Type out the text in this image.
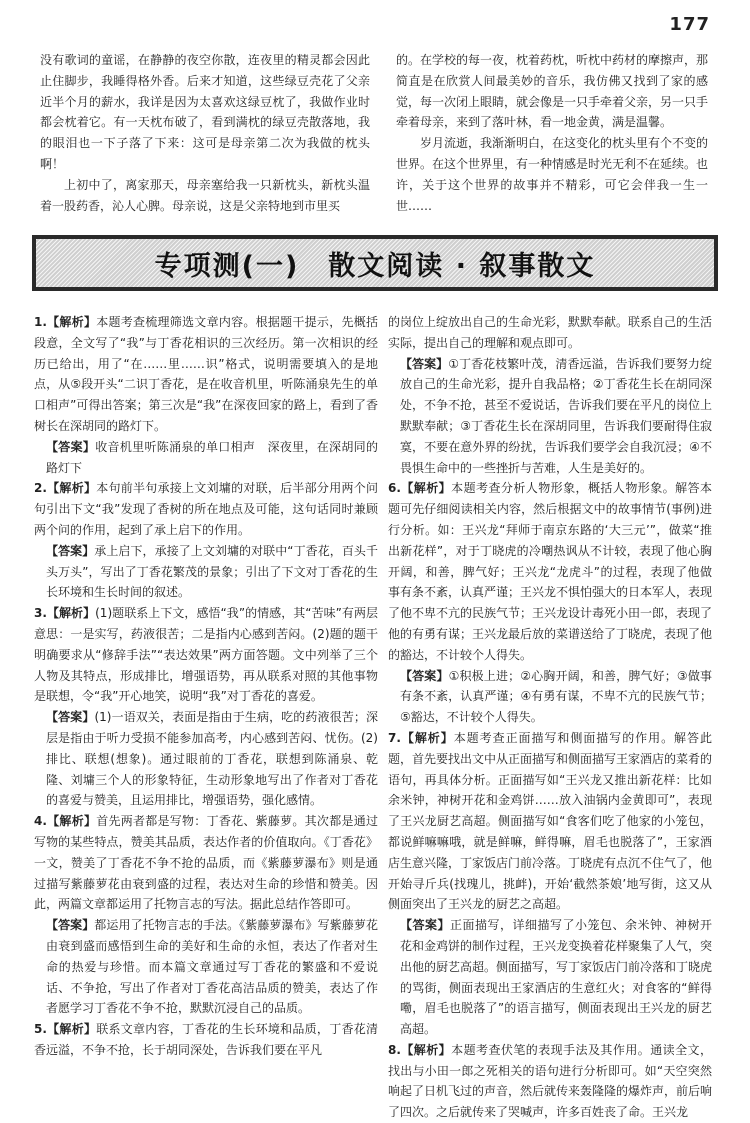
177

没有歌词的童谣，在静静的夜空你散，连夜里的精灵都会因此止住脚步，我睡得格外香。后来才知道，这些绿豆壳花了父亲近半个月的薪水，我详是因为太喜欢这绿豆枕了，我做作业时都会枕着它。有一天枕布破了，看到满枕的绿豆壳散落地，我的眼泪也一下子落了下来：这可是母亲第二次为我做的枕头啊！

上初中了，离家那天，母亲塞给我一只新枕头，新枕头温着一股药香，沁人心脾。母亲说，这是父亲特地到市里买

的。在学校的每一夜，枕着药枕，听枕中药材的摩擦声，那简直是在欣赏人间最美妙的音乐，我仿佛又找到了家的感觉，每一次闭上眼睛，就会像是一只手牵着父亲，另一只手牵着母亲，来到了落叶林，看一地金黄，满是温馨。

岁月流逝，我渐渐明白，在这变化的枕头里有个不变的世界。在这个世界里，有一种情感是时光无利不在延续。也许，关于这个世界的故事并不精彩，可它会伴我一生一世……

专项测(一)　散文阅读 · 叙事散文

1.【解析】本题考查梳理筛选文章内容。根据题干提示，先概括段意，全文写了“我”与丁香花相识的三次经历。第一次相识的经历已给出，用了“在……里……识”格式，说明需要填入的是地点，从⑤段开头“二识丁香花，是在收音机里，听陈涌泉先生的单口相声”可得出答案；第三次是“我”在深夜回家的路上，看到了香树长在深胡同的路灯下。

【答案】收音机里听陈涌泉的单口相声　深夜里，在深胡同的路灯下

2.【解析】本句前半句承接上文刘墉的对联，后半部分用两个问句引出下文“我”发现了香树的所在地点及可能，这句话同时兼顾两个问的作用，起到了承上启下的作用。

【答案】承上启下，承接了上文刘墉的对联中“丁香花，百头千头万头”，写出了丁香花繁茂的景象；引出了下文对丁香花的生长环境和生长时间的叙述。

3.【解析】(1)题联系上下文，感悟“我”的情感，其“苦味”有两层意思：一是实写，药液很苦；二是指内心感到苦闷。(2)题的题干明确要求从“修辞手法”“表达效果”两方面答题。文中列举了三个人物及其特点，形成排比，增强语势，再从联系对照的其他事物是联想，令“我”开心地笑，说明“我”对丁香花的喜爱。

【答案】(1)一语双关，表面是指由于生病，吃的药液很苦；深层是指由于听力受损不能参加高考，内心感到苦闷、忧伤。(2)排比、联想(想象)。通过眼前的丁香花，联想到陈涌泉、乾隆、刘墉三个人的形象特征，生动形象地写出了作者对丁香花的喜爱与赞美，且运用排比，增强语势，强化感情。

4.【解析】首先两者都是写物：丁香花、紫藤萝。其次都是通过写物的某些特点，赞美其品质，表达作者的价值取向。《丁香花》一文，赞美了丁香花不争不抢的品质，而《紫藤萝瀑布》则是通过描写紫藤萝花由衰到盛的过程，表达对生命的珍惜和赞美。因此，两篇文章都运用了托物言志的写法。据此总结作答即可。

【答案】都运用了托物言志的手法。《紫藤萝瀑布》写紫藤萝花由衰到盛而感悟到生命的美好和生命的永恒，表达了作者对生命的热爱与珍惜。而本篇文章通过写丁香花的繁盛和不爱说话、不争抢，写出了作者对丁香花高洁品质的赞美，表达了作者愿学习丁香花不争不抢，默默沉浸自己的品质。

5.【解析】联系文章内容，丁香花的生长环境和品质，丁香花清香远溢，不争不抢，长于胡同深处，告诉我们要在平凡

的岗位上绽放出自己的生命光彩，默默奉献。联系自己的生活实际，提出自己的理解和观点即可。

【答案】①丁香花枝繁叶茂，清香远溢，告诉我们要努力绽放自己的生命光彩，提升自我品格；②丁香花生长在胡同深处，不争不抢，甚至不爱说话，告诉我们要在平凡的岗位上默默奉献；③丁香花生长在深胡同里，告诉我们要耐得住寂寞，不要在意外界的纷扰，告诉我们要学会自我沉浸；④不畏惧生命中的一些挫折与苦难，人生是美好的。

6.【解析】本题考查分析人物形象，概括人物形象。解答本题可先仔细阅读相关内容，然后根据文中的故事情节(事例)进行分析。如：王兴龙“拜师于南京东路的‘大三元’”，做菜“推出新花样”，对于丁晓虎的冷嘲热讽从不计较，表现了他心胸开阔，和善，脾气好；王兴龙“龙虎斗”的过程，表现了他做事有条不紊，认真严谨；王兴龙不惧怕强大的日本军人，表现了他不卑不亢的民族气节；王兴龙设计毒死小田一郎，表现了他的有勇有谋；王兴龙最后放的菜谱送给了丁晓虎，表现了他的豁达，不计较个人得失。

【答案】①积极上进；②心胸开阔，和善，脾气好；③做事有条不紊，认真严谨；④有勇有谋，不卑不亢的民族气节；⑤豁达，不计较个人得失。

7.【解析】本题考查正面描写和侧面描写的作用。解答此题，首先要找出文中从正面描写和侧面描写王家酒店的菜肴的语句，再具体分析。正面描写如“王兴龙又推出新花样：比如余米钟，神树开花和金鸡饼……放入油锅内金黄即可”，表现了王兴龙厨艺高超。侧面描写如“食客们吃了他家的小笼包，都说鲜嘛嘛哦，就是鲜嘛，鲜得嘛，眉毛也脱落了”，王家酒店生意兴隆，丁家饭店门前冷落。丁晓虎有点沉不住气了，他开始寻斤兵(找瑰儿，挑衅)，开始‘截然茶娘’地写街，这又从侧面突出了王兴龙的厨艺之高超。

【答案】正面描写，详细描写了小笼包、余米钟、神树开花和金鸡饼的制作过程，王兴龙变换着花样聚集了人气，突出他的厨艺高超。侧面描写，写丁家饭店门前冷落和丁晓虎的骂街，侧面表现出王家酒店的生意红火；对食客的“鲜得嘞，眉毛也脱落了”的语言描写，侧面表现出王兴龙的厨艺高超。

8.【解析】本题考查伏笔的表现手法及其作用。通读全文，找出与小田一郎之死相关的语句进行分析即可。如“天空突然响起了日机飞过的声音，然后就传来轰隆隆的爆炸声，前后响了四次。之后就传来了哭喊声，许多百姓丧了命。王兴龙
